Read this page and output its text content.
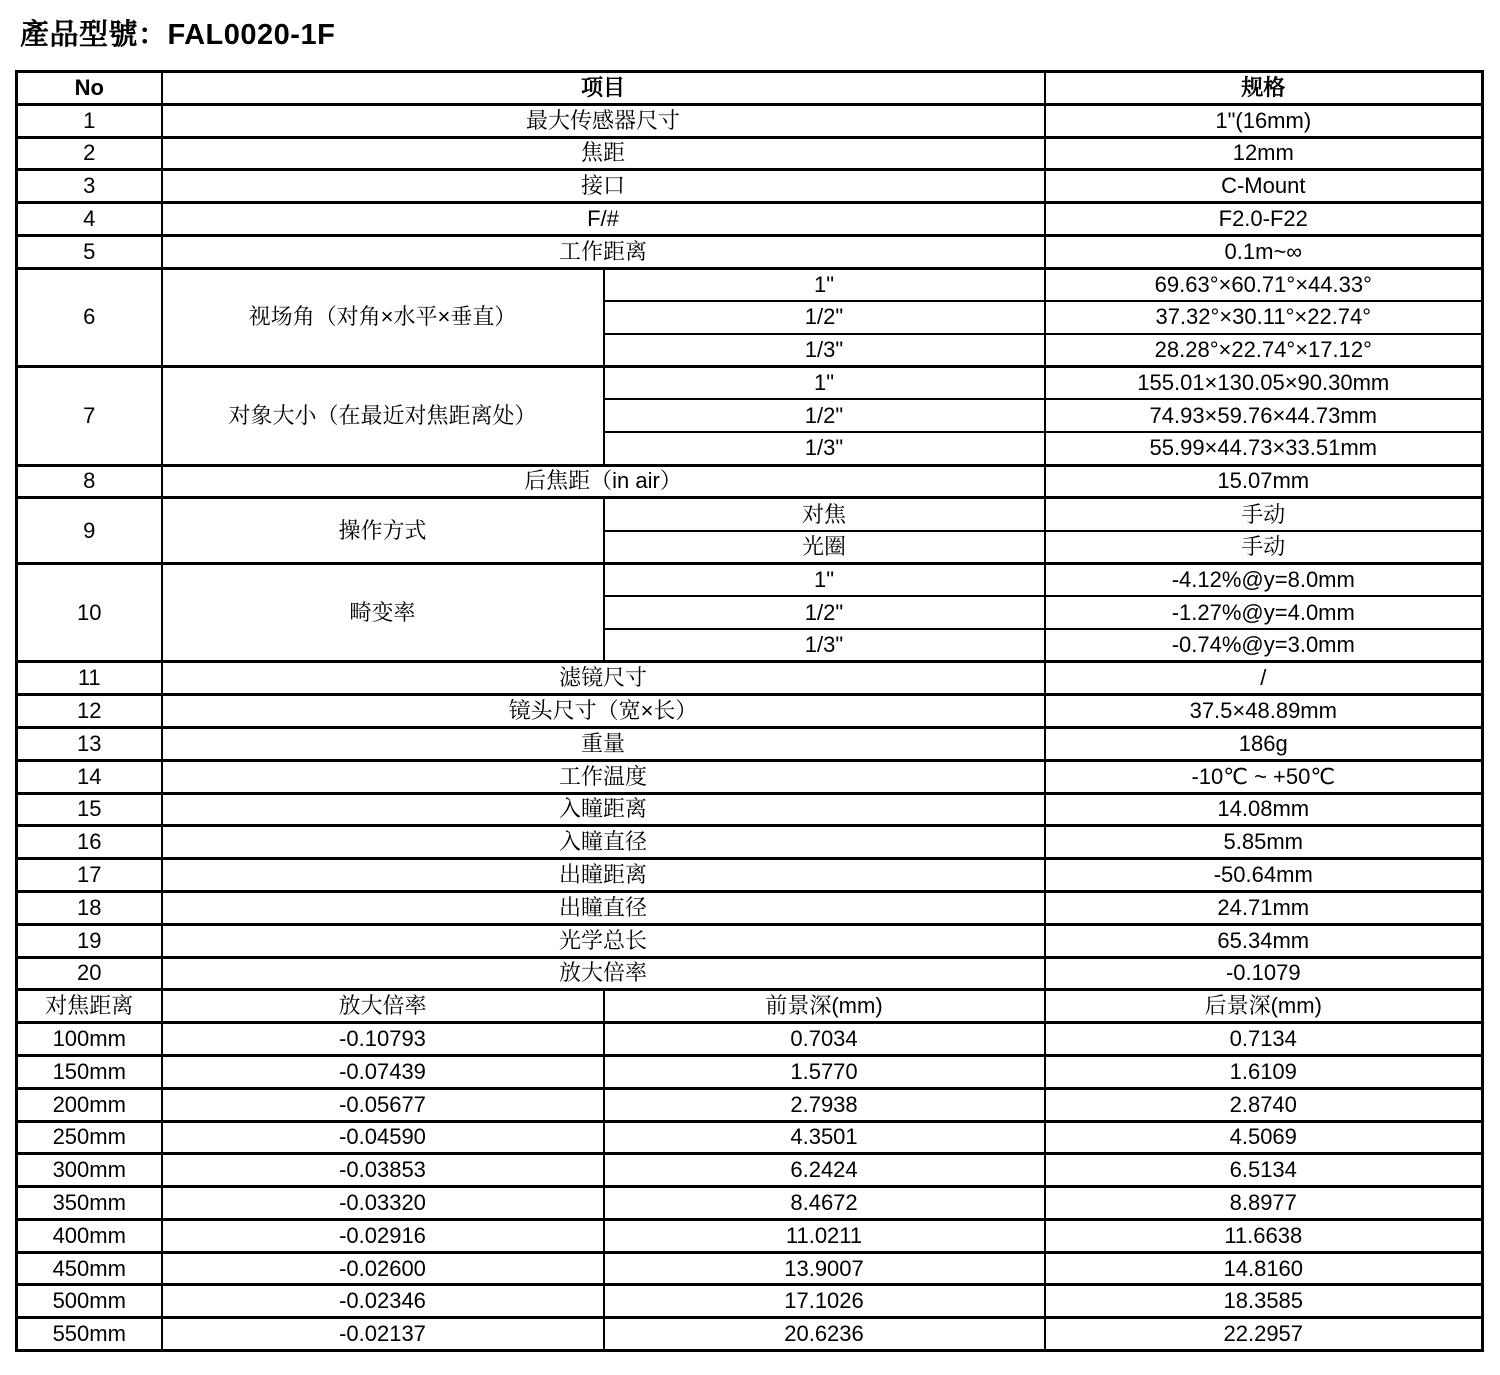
產品型號：FAL0020-1F
No	项目		规格
1	最大传感器尺寸		1"(16mm)
2	焦距		12mm
3	接口		C-Mount
4	F/#		F2.0-F22
5	工作距离		0.1m~∞
6	视场角（对角×水平×垂直）	1"	69.63°×60.71°×44.33°
		1/2"	37.32°×30.11°×22.74°
		1/3"	28.28°×22.74°×17.12°
7	对象大小（在最近对焦距离处）	1"	155.01×130.05×90.30mm
		1/2"	74.93×59.76×44.73mm
		1/3"	55.99×44.73×33.51mm
8	后焦距（in air）		15.07mm
9	操作方式	对焦	手动
		光圈	手动
10	畸变率	1"	-4.12%@y=8.0mm
		1/2"	-1.27%@y=4.0mm
		1/3"	-0.74%@y=3.0mm
11	滤镜尺寸		/
12	镜头尺寸（宽×长）		37.5×48.89mm
13	重量		186g
14	工作温度		-10℃ ~ +50℃
15	入瞳距离		14.08mm
16	入瞳直径		5.85mm
17	出瞳距离		-50.64mm
18	出瞳直径		24.71mm
19	光学总长		65.34mm
20	放大倍率		-0.1079
对焦距离	放大倍率	前景深(mm)	后景深(mm)
100mm	-0.10793	0.7034	0.7134
150mm	-0.07439	1.5770	1.6109
200mm	-0.05677	2.7938	2.8740
250mm	-0.04590	4.3501	4.5069
300mm	-0.03853	6.2424	6.5134
350mm	-0.03320	8.4672	8.8977
400mm	-0.02916	11.0211	11.6638
450mm	-0.02600	13.9007	14.8160
500mm	-0.02346	17.1026	18.3585
550mm	-0.02137	20.6236	22.2957
